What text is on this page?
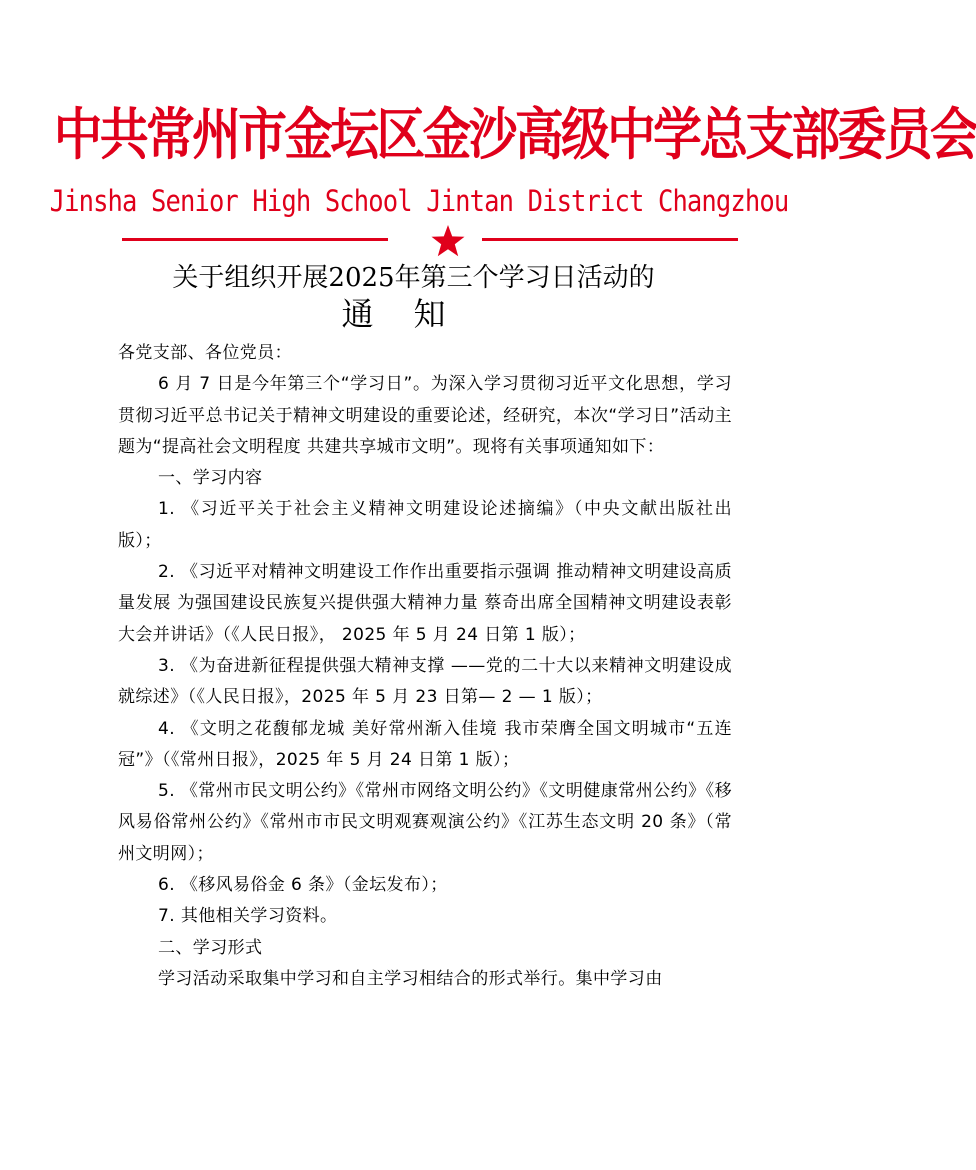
中共常州市金坛区金沙高级中学总支部委员会
Jinsha Senior High School Jintan District Changzhou
关于组织开展2025年第三个学习日活动的
通知

各党支部、各位党员：

6 月 7 日是今年第三个“学习日”。为深入学习贯彻习近平文化思想，学习贯彻习近平总书记关于精神文明建设的重要论述，经研究，本次“学习日”活动主题为“提高社会文明程度 共建共享城市文明”。现将有关事项通知如下：

一、学习内容

1. 《习近平关于社会主义精神文明建设论述摘编》（中央文献出版社出版）；

2. 《习近平对精神文明建设工作作出重要指示强调 推动精神文明建设高质量发展 为强国建设民族复兴提供强大精神力量 蔡奇出席全国精神文明建设表彰大会并讲话》（《人民日报》， 2025 年 5 月 24 日第 1 版）；

3. 《为奋进新征程提供强大精神支撑 ——党的二十大以来精神文明建设成就综述》（《人民日报》，2025 年 5 月 23 日第— 2 — 1 版）；

4. 《文明之花馥郁龙城 美好常州渐入佳境 我市荣膺全国文明城市“五连冠”》（《常州日报》，2025 年 5 月 24 日第 1 版）；

5. 《常州市民文明公约》《常州市网络文明公约》《文明健康常州公约》《移风易俗常州公约》《常州市市民文明观赛观演公约》《江苏生态文明 20 条》（常州文明网）；

6. 《移风易俗金 6 条》（金坛发布）；

7. 其他相关学习资料。

二、学习形式

学习活动采取集中学习和自主学习相结合的形式举行。集中学习由
